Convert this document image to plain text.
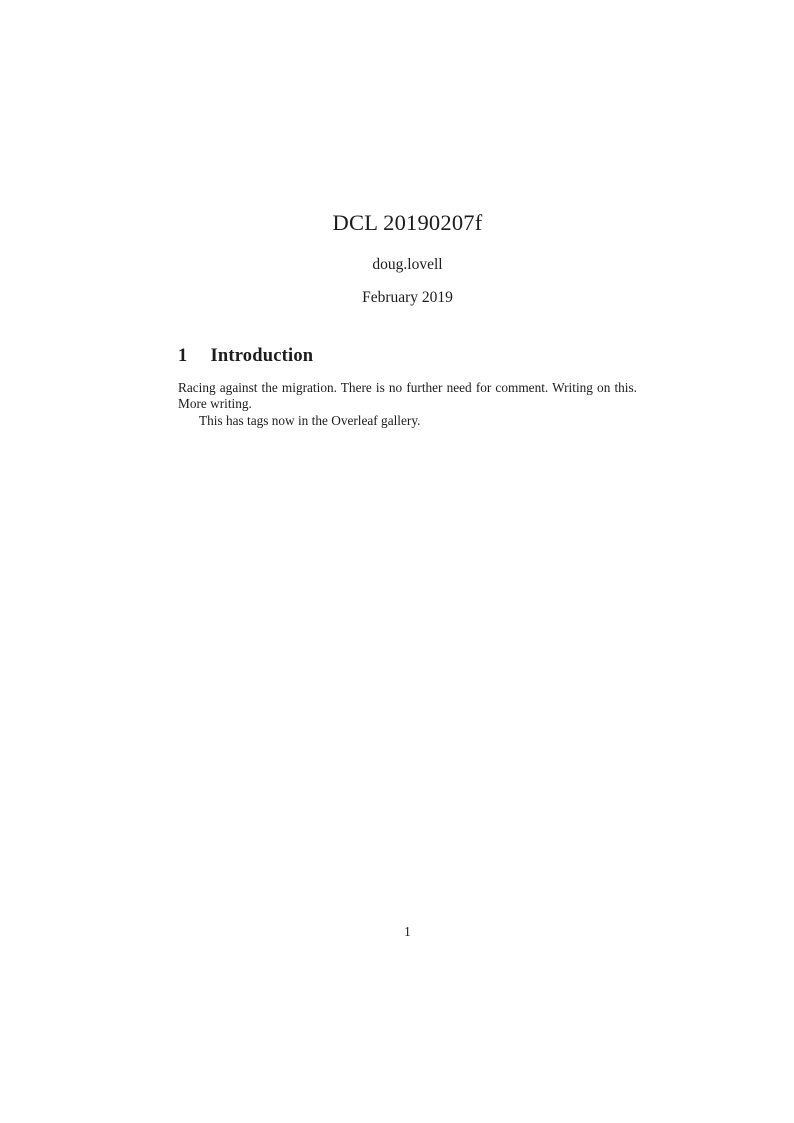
DCL 20190207f
doug.lovell
February 2019
1 Introduction

Racing against the migration. There is no further need for comment. Writing on this. More writing.

This has tags now in the Overleaf gallery.

1
